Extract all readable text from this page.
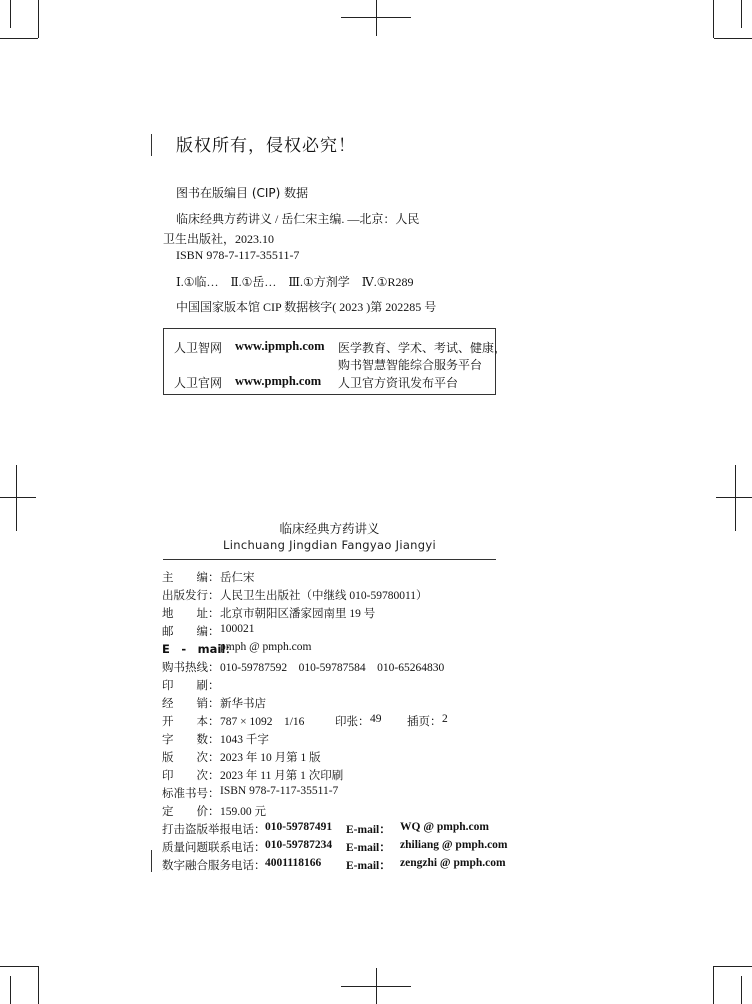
版权所有，侵权必究！
图书在版编目 (CIP) 数据
临床经典方药讲义 / 岳仁宋主编. —北京：人民
卫生出版社，2023.10
ISBN 978-7-117-35511-7
Ⅰ.①临…　Ⅱ.①岳…　Ⅲ.①方剂学　Ⅳ.①R289
中国国家版本馆 CIP 数据核字( 2023 )第 202285 号
人卫智网 www.ipmph.com 医学教育、学术、考试、健康，
购书智慧智能综合服务平台
人卫官网 www.pmph.com 人卫官方资讯发布平台
临床经典方药讲义
Linchuang Jingdian Fangyao Jiangyi
主　　编： 岳仁宋
出版发行： 人民卫生出版社（中继线 010-59780011）
地　　址： 北京市朝阳区潘家园南里 19 号
邮　　编： 100021
E　-　mail：
pmph @ pmph.com
购书热线： 010-59787592　010-59787584　010-65264830
印　　刷：
经　　销： 新华书店
开　　本： 787 × 1092　1/16	印张： 49 插页： 2
字　　数： 1043 千字
版　　次： 2023 年 10 月第 1 版
印　　次： 2023 年 11 月第 1 次印刷
标准书号： ISBN 978-7-117-35511-7
定　　价： 159.00 元
打击盗版举报电话： 010-59787491 E-mail： WQ @ pmph.com
质量问题联系电话： 010-59787234 E-mail： zhiliang @ pmph.com
数字融合服务电话： 4001118166 E-mail： zengzhi @ pmph.com
